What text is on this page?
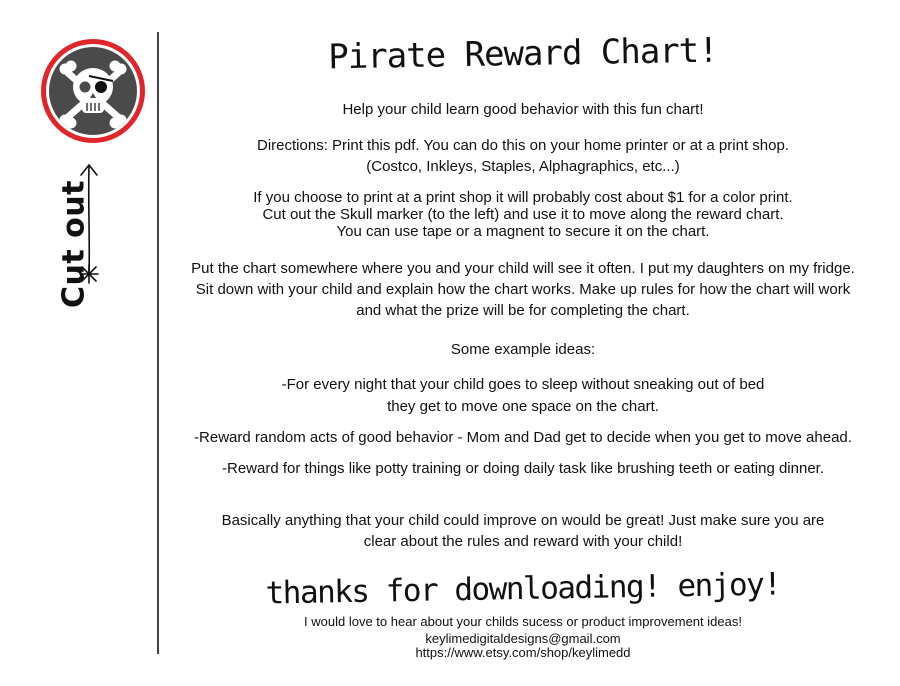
Cut out
Pirate Reward Chart!
Help your child learn good behavior with this fun chart!
Directions: Print this pdf. You can do this on your home printer or at a print shop.
(Costco, Inkleys, Staples, Alphagraphics, etc...)
If you choose to print at a print shop it will probably cost about $1 for a color print.
Cut out the Skull marker (to the left) and use it to move along the reward chart.
You can use tape or a magnent to secure it on the chart.
Put the chart somewhere where you and your child will see it often. I put my daughters on my fridge.
Sit down with your child and explain how the chart works. Make up rules for how the chart will work
and what the prize will be for completing the chart.
Some example ideas:
-For every night that your child goes to sleep without sneaking out of bed
they get to move one space on the chart.
-Reward random acts of good behavior - Mom and Dad get to decide when you get to move ahead.
-Reward for things like potty training or doing daily task like brushing teeth or eating dinner.
Basically anything that your child could improve on would be great! Just make sure you are
clear about the rules and reward with your child!
thanks for downloading! enjoy!
I would love to hear about your childs sucess or product improvement ideas!
keylimedigitaldesigns@gmail.com
https://www.etsy.com/shop/keylimedd
